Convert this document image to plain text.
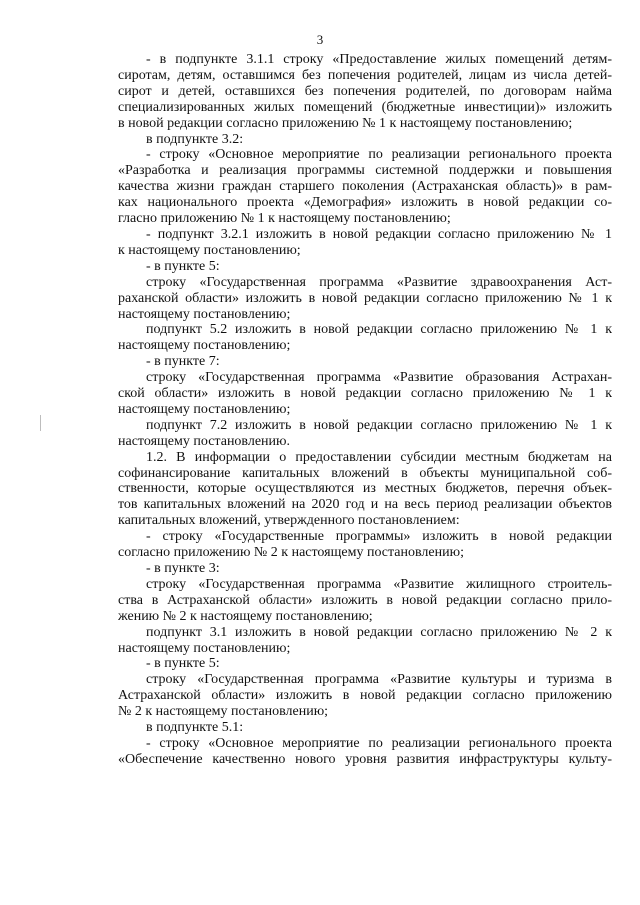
3
- в подпункте 3.1.1 строку «Предоставление жилых помещений детям-
сиротам, детям, оставшимся без попечения родителей, лицам из числа детей-
сирот и детей, оставшихся без попечения родителей, по договорам найма
специализированных жилых помещений (бюджетные инвестиции)» изложить
в новой редакции согласно приложению № 1 к настоящему постановлению;
в подпункте 3.2:
- строку «Основное мероприятие по реализации регионального проекта
«Разработка и реализация программы системной поддержки и повышения
качества жизни граждан старшего поколения (Астраханская область)» в рам-
ках национального проекта «Демография» изложить в новой редакции со-
гласно приложению № 1 к настоящему постановлению;
- подпункт 3.2.1 изложить в новой редакции согласно приложению № 1
к настоящему постановлению;
- в пункте 5:
строку «Государственная программа «Развитие здравоохранения Аст-
раханской области» изложить в новой редакции согласно приложению № 1 к
настоящему постановлению;
подпункт 5.2 изложить в новой редакции согласно приложению № 1 к
настоящему постановлению;
- в пункте 7:
строку «Государственная программа «Развитие образования Астрахан-
ской области» изложить в новой редакции согласно приложению № 1 к
настоящему постановлению;
подпункт 7.2 изложить в новой редакции согласно приложению № 1 к
настоящему постановлению.
1.2. В информации о предоставлении субсидии местным бюджетам на
софинансирование капитальных вложений в объекты муниципальной соб-
ственности, которые осуществляются из местных бюджетов, перечня объек-
тов капитальных вложений на 2020 год и на весь период реализации объектов
капитальных вложений, утвержденного постановлением:
- строку «Государственные программы» изложить в новой редакции
согласно приложению № 2 к настоящему постановлению;
- в пункте 3:
строку «Государственная программа «Развитие жилищного строитель-
ства в Астраханской области» изложить в новой редакции согласно прило-
жению № 2 к настоящему постановлению;
подпункт 3.1 изложить в новой редакции согласно приложению № 2 к
настоящему постановлению;
- в пункте 5:
строку «Государственная программа «Развитие культуры и туризма в
Астраханской области» изложить в новой редакции согласно приложению
№ 2 к настоящему постановлению;
в подпункте 5.1:
- строку «Основное мероприятие по реализации регионального проекта
«Обеспечение качественно нового уровня развития инфраструктуры культу-
